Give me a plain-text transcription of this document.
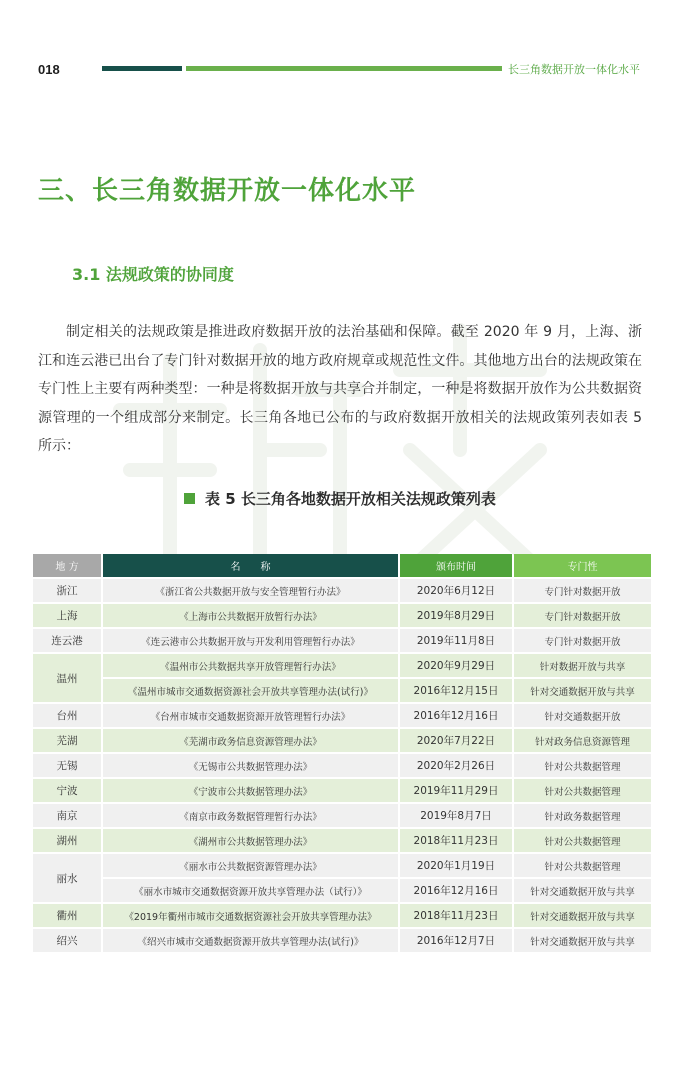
018	长三角数据开放一体化水平
三、长三角数据开放一体化水平
3.1 法规政策的协同度
制定相关的法规政策是推进政府数据开放的法治基础和保障。截至 2020 年 9 月，上海、浙江和连云港已出台了专门针对数据开放的地方政府规章或规范性文件。其他地方出台的法规政策在专门性上主要有两种类型：一种是将数据开放与共享合并制定，一种是将数据开放作为公共数据资源管理的一个组成部分来制定。长三角各地已公布的与政府数据开放相关的法规政策列表如表 5 所示：
表 5 长三角各地数据开放相关法规政策列表
地 方	名　　称	颁布时间	专门性
浙江	《浙江省公共数据开放与安全管理暂行办法》	2020年6月12日	专门针对数据开放
上海	《上海市公共数据开放暂行办法》	2019年8月29日	专门针对数据开放
连云港	《连云港市公共数据开放与开发利用管理暂行办法》	2019年11月8日	专门针对数据开放
温州	《温州市公共数据共享开放管理暂行办法》	2020年9月29日	针对数据开放与共享
	《温州市城市交通数据资源社会开放共享管理办法(试行)》	2016年12月15日	针对交通数据开放与共享
台州	《台州市城市交通数据资源开放管理暂行办法》	2016年12月16日	针对交通数据开放
芜湖	《芜湖市政务信息资源管理办法》	2020年7月22日	针对政务信息资源管理
无锡	《无锡市公共数据管理办法》	2020年2月26日	针对公共数据管理
宁波	《宁波市公共数据管理办法》	2019年11月29日	针对公共数据管理
南京	《南京市政务数据管理暂行办法》	2019年8月7日	针对政务数据管理
湖州	《湖州市公共数据管理办法》	2018年11月23日	针对公共数据管理
丽水	《丽水市公共数据资源管理办法》	2020年1月19日	针对公共数据管理
	《丽水市城市交通数据资源开放共享管理办法（试行）》	2016年12月16日	针对交通数据开放与共享
衢州	《2019年衢州市城市交通数据资源社会开放共享管理办法》	2018年11月23日	针对交通数据开放与共享
绍兴	《绍兴市城市交通数据资源开放共享管理办法(试行)》	2016年12月7日	针对交通数据开放与共享
